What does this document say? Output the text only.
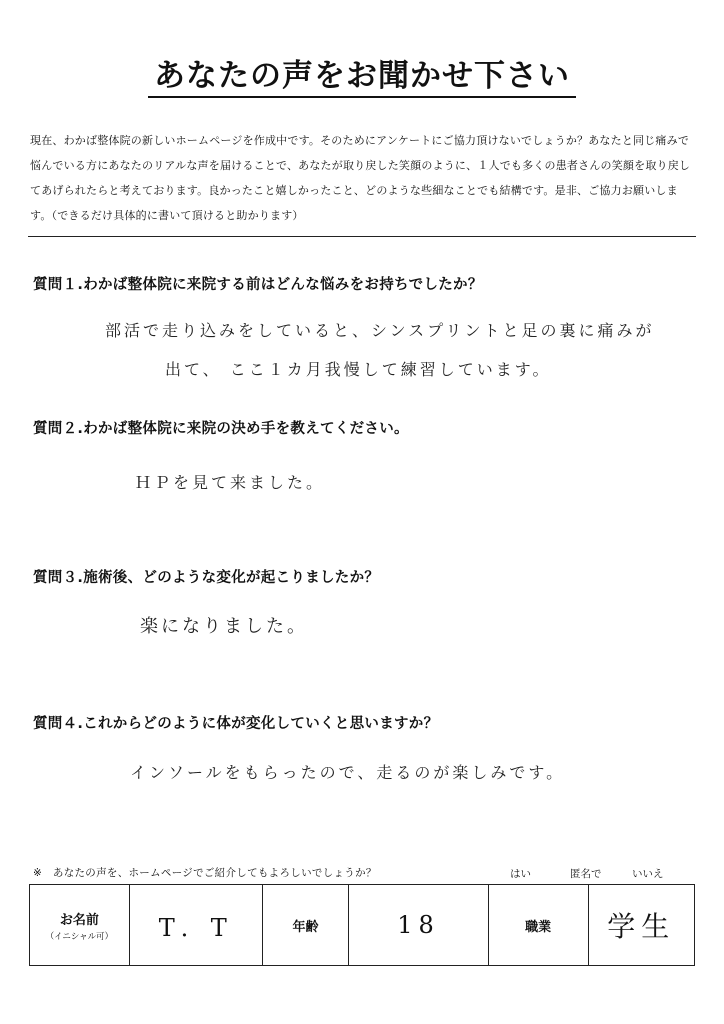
あなたの声をお聞かせ下さい
現在、わかば整体院の新しいホームページを作成中です。そのためにアンケートにご協力頂けないでしょうか？あなたと同じ痛みで悩んでいる方にあなたのリアルな声を届けることで、あなたが取り戻した笑顔のように、１人でも多くの患者さんの笑顔を取り戻してあげられたらと考えております。良かったこと嬉しかったこと、どのような些細なことでも結構です。是非、ご協力お願いします。（できるだけ具体的に書いて頂けると助かります）
質問１.わかば整体院に来院する前はどんな悩みをお持ちでしたか？
部活で走り込みをしていると、シンスプリントと足の裏に痛みが
出て、 ここ１カ月我慢して練習しています。
質問２.わかば整体院に来院の決め手を教えてください。
ＨＰを見て来ました。
質問３.施術後、どのような変化が起こりましたか？
楽になりました。
質問４.これからどのように体が変化していくと思いますか？
インソールをもらったので、走るのが楽しみです。
※　あなたの声を、ホームページでご紹介してもよろしいでしょうか？	はい	匿名で	いいえ
お名前
（イニシャル可）	T．T	年齢	18	職業	学生
